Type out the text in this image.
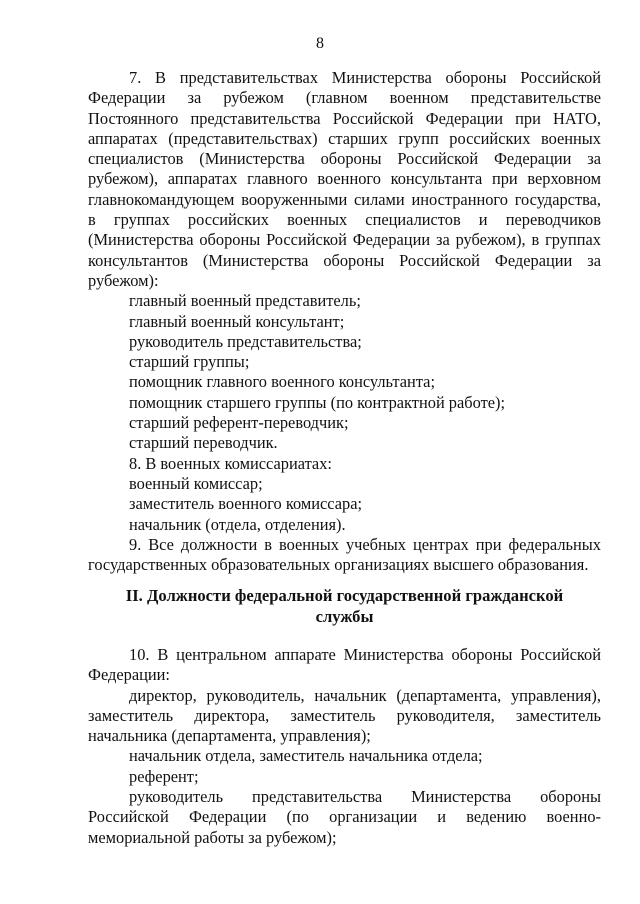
8

7. В представительствах Министерства обороны Российской Федерации за рубежом (главном военном представительстве Постоянного представительства Российской Федерации при НАТО, аппаратах (представительствах) старших групп российских военных специалистов (Министерства обороны Российской Федерации за рубежом), аппаратах главного военного консультанта при верховном главнокомандующем вооруженными силами иностранного государства, в группах российских военных специалистов и переводчиков (Министерства обороны Российской Федерации за рубежом), в группах консультантов (Министерства обороны Российской Федерации за рубежом):

главный военный представитель;

главный военный консультант;

руководитель представительства;

старший группы;

помощник главного военного консультанта;

помощник старшего группы (по контрактной работе);

старший референт-переводчик;

старший переводчик.

8. В военных комиссариатах:

военный комиссар;

заместитель военного комиссара;

начальник (отдела, отделения).

9. Все должности в военных учебных центрах при федеральных государственных образовательных организациях высшего образования.

II. Должности федеральной государственной гражданской
службы

10. В центральном аппарате Министерства обороны Российской Федерации:

директор, руководитель, начальник (департамента, управления), заместитель директора, заместитель руководителя, заместитель начальника (департамента, управления);

начальник отдела, заместитель начальника отдела;

референт;

руководитель представительства Министерства обороны Российской Федерации (по организации и ведению военно-мемориальной работы за рубежом);
